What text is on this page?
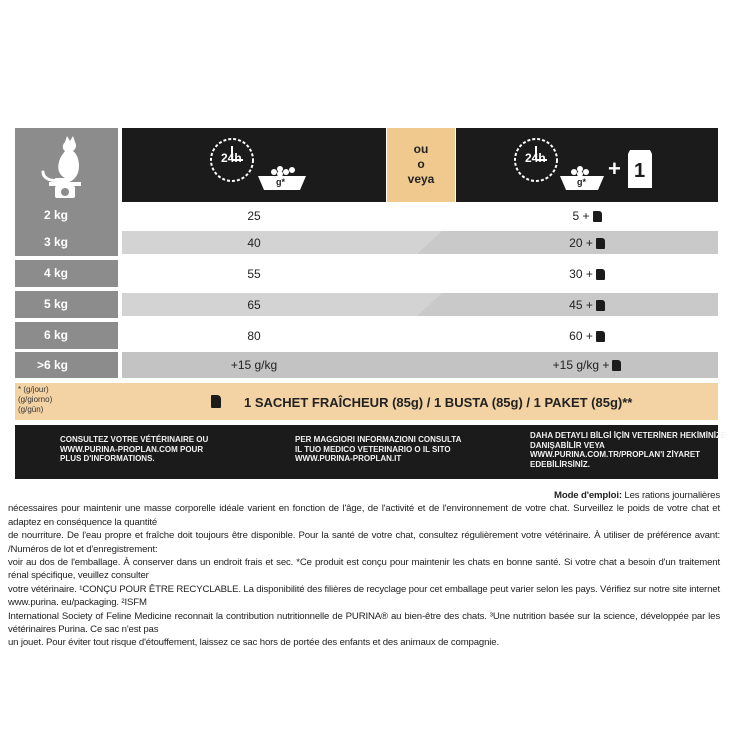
24h
g*
ou
o
veya
24h
g*
+ 1
2 kg	25	5 +
3 kg	40	20 +
4 kg	55	30 +
5 kg	65	45 +
6 kg	80	60 +
>6 kg	+15 g/kg	+15 g/kg +
* (g/jour)
(g/giorno)
(g/gün)	1 SACHET FRAÎCHEUR (85g) / 1 BUSTA (85g) / 1 PAKET (85g)**
CONSULTEZ VOTRE VÉTÉRINAIRE OU
WWW.PURINA-PROPLAN.COM POUR
PLUS D'INFORMATIONS.
PER MAGGIORI INFORMAZIONI CONSULTA
IL TUO MEDICO VETERINARIO O IL SITO
WWW.PURINA-PROPLAN.IT
DAHA DETAYLI BİLGİ İÇİN VETERİNER HEKİMİNİZE
DANIŞABİLİR VEYA
WWW.PURINA.COM.TR/PROPLAN'I ZİYARET
EDEBİLİRSİNİZ.

Mode d'emploi: Les rations journalières

nécessaires pour maintenir une masse corporelle idéale varient en fonction de l'âge, de l'activité et de l'environnement de votre chat. Surveillez le poids de votre chat et adaptez en conséquence la quantité

de nourriture. De l'eau propre et fraîche doit toujours être disponible. Pour la santé de votre chat, consultez régulièrement votre vétérinaire. À utiliser de préférence avant: /Numéros de lot et d'enregistrement:

voir au dos de l'emballage. À conserver dans un endroit frais et sec. *Ce produit est conçu pour maintenir les chats en bonne santé. Si votre chat a besoin d'un traitement rénal spécifique, veuillez consulter

votre vétérinaire. ¹CONÇU POUR ÊTRE RECYCLABLE. La disponibilité des filières de recyclage pour cet emballage peut varier selon les pays. Vérifiez sur notre site internet www.purina. eu/packaging. ²ISFM

International Society of Feline Medicine reconnait la contribution nutritionnelle de PURINA® au bien-être des chats. ³Une nutrition basée sur la science, développée par les vétérinaires Purina. Ce sac n'est pas

un jouet. Pour éviter tout risque d'étouffement, laissez ce sac hors de portée des enfants et des animaux de compagnie.
